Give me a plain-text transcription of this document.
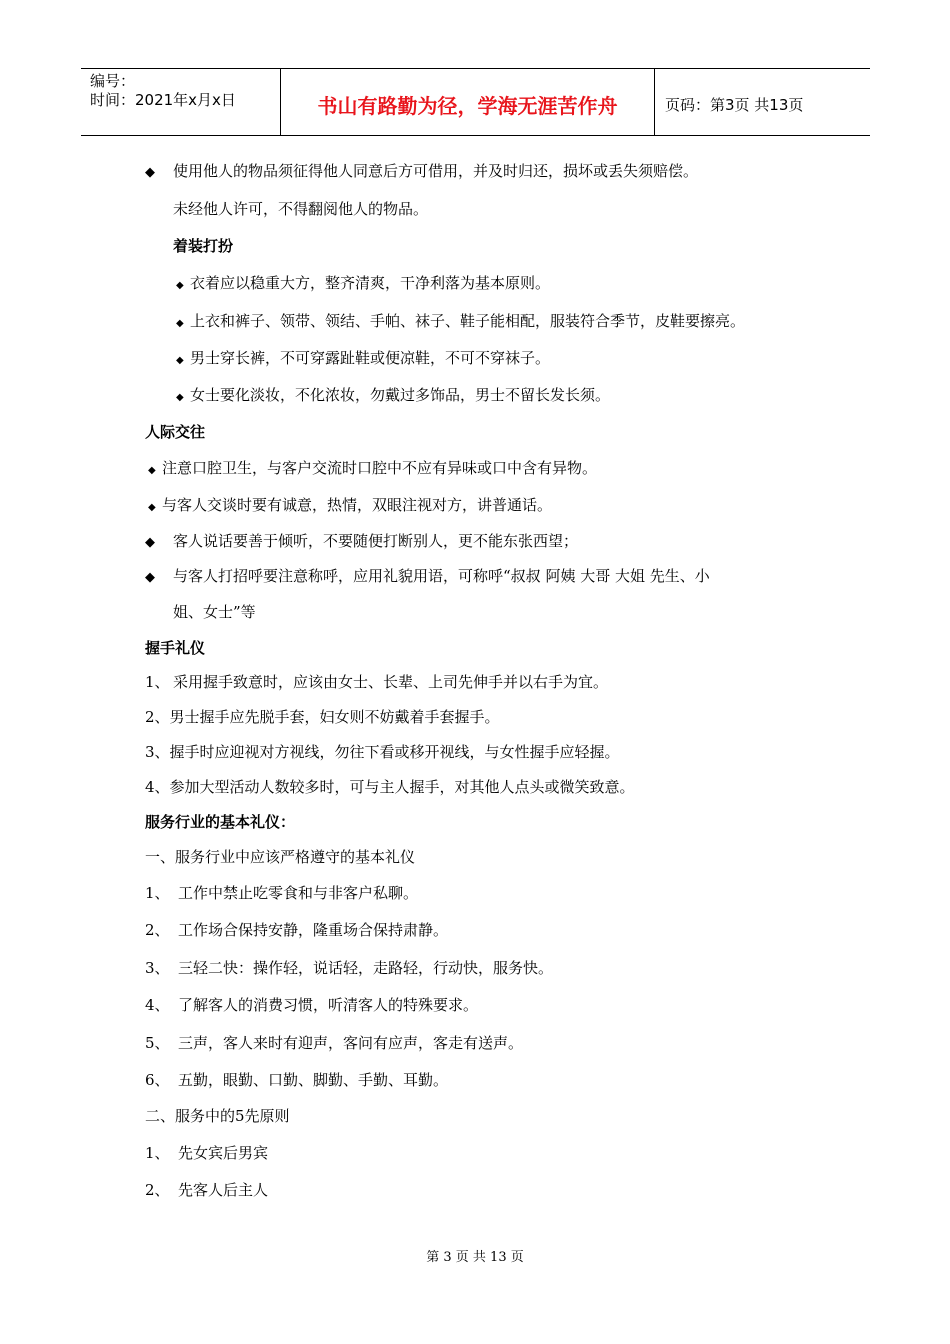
编号：
时间：2021年x月x日	书山有路勤为径，学海无涯苦作舟	页码：第3页 共13页
◆ 使用他人的物品须征得他人同意后方可借用，并及时归还，损坏或丢失须赔偿。
未经他人许可，不得翻阅他人的物品。
着装打扮
◆ 衣着应以稳重大方，整齐清爽，干净利落为基本原则。
◆ 上衣和裤子、领带、领结、手帕、袜子、鞋子能相配，服装符合季节，皮鞋要擦亮。
◆ 男士穿长裤，不可穿露趾鞋或便凉鞋，不可不穿袜子。
◆ 女士要化淡妆，不化浓妆，勿戴过多饰品，男士不留长发长须。
人际交往
◆ 注意口腔卫生，与客户交流时口腔中不应有异味或口中含有异物。
◆ 与客人交谈时要有诚意，热情，双眼注视对方，讲普通话。
◆ 客人说话要善于倾听，不要随便打断别人，更不能东张西望；
◆ 与客人打招呼要注意称呼，应用礼貌用语，可称呼“叔叔 阿姨 大哥 大姐 先生、小
姐、女士”等
握手礼仪
1、 采用握手致意时，应该由女士、长辈、上司先伸手并以右手为宜。
2、男士握手应先脱手套，妇女则不妨戴着手套握手。
3、握手时应迎视对方视线，勿往下看或移开视线，与女性握手应轻握。
4、参加大型活动人数较多时，可与主人握手，对其他人点头或微笑致意。
服务行业的基本礼仪：
一、服务行业中应该严格遵守的基本礼仪
1、 工作中禁止吃零食和与非客户私聊。
2、 工作场合保持安静，隆重场合保持肃静。
3、 三轻二快：操作轻，说话轻，走路轻，行动快，服务快。
4、 了解客人的消费习惯，听清客人的特殊要求。
5、 三声，客人来时有迎声，客问有应声，客走有送声。
6、 五勤，眼勤、口勤、脚勤、手勤、耳勤。
二、服务中的5先原则
1、 先女宾后男宾
2、 先客人后主人
第 3 页 共 13 页
